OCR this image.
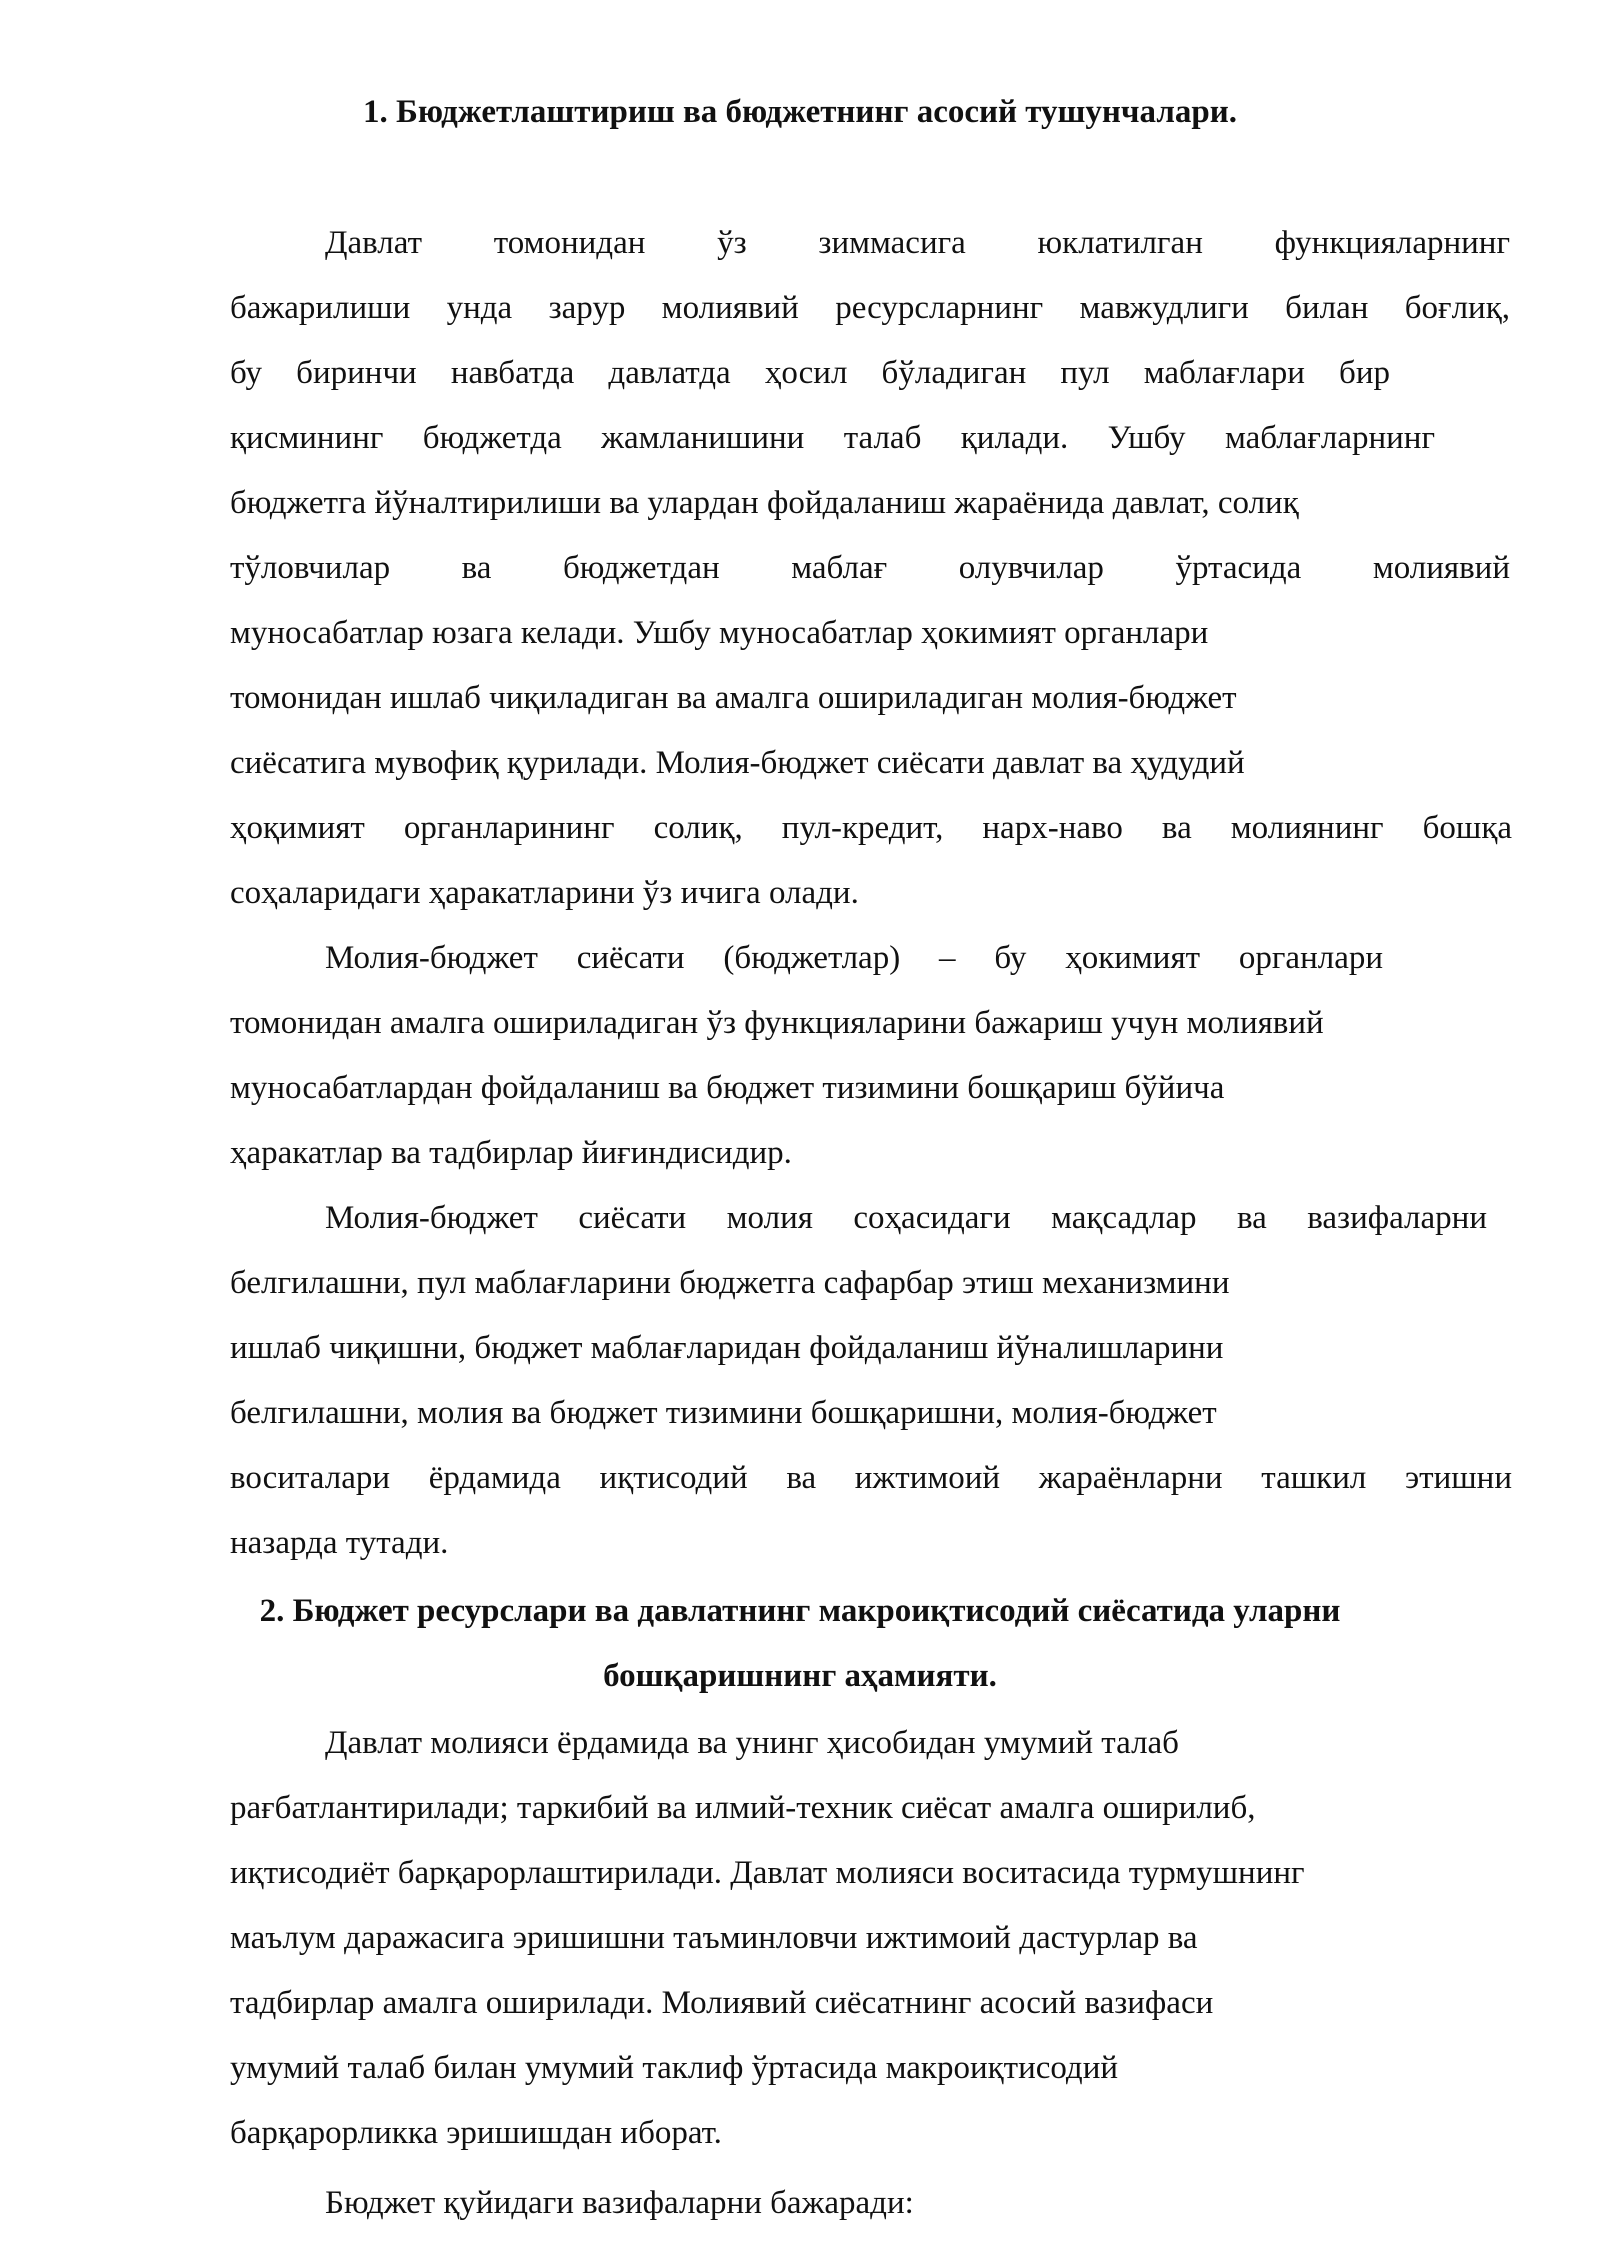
1. Бюджетлаштириш ва бюджетнинг асосий тушунчалари.
Давлат томонидан ўз зиммасига юклатилган функцияларнинг
бажарилиши унда зарур молиявий ресурсларнинг мавжудлиги билан боғлиқ,
бу биринчи навбатда давлатда ҳосил бўладиган пул маблағлари бир
қисмининг бюджетда жамланишини талаб қилади. Ушбу маблағларнинг
бюджетга йўналтирилиши ва улардан фойдаланиш жараёнида давлат, солиқ
тўловчилар ва бюджетдан маблағ олувчилар ўртасида молиявий
муносабатлар юзага келади. Ушбу муносабатлар ҳокимият органлари
томонидан ишлаб чиқиладиган ва амалга ошириладиган молия-бюджет
сиёсатига мувофиқ қурилади. Молия-бюджет сиёсати давлат ва ҳудудий
ҳоқимият органларининг солиқ, пул-кредит, нарх-наво ва молиянинг бошқа
соҳаларидаги ҳаракатларини ўз ичига олади.
Молия-бюджет сиёсати (бюджетлар) – бу ҳокимият органлари
томонидан амалга ошириладиган ўз функцияларини бажариш учун молиявий
муносабатлардан фойдаланиш ва бюджет тизимини бошқариш бўйича
ҳаракатлар ва тадбирлар йиғиндисидир.
Молия-бюджет сиёсати молия соҳасидаги мақсадлар ва вазифаларни
белгилашни, пул маблағларини бюджетга сафарбар этиш механизмини
ишлаб чиқишни, бюджет маблағларидан фойдаланиш йўналишларини
белгилашни, молия ва бюджет тизимини бошқаришни, молия-бюджет
воситалари ёрдамида иқтисодий ва ижтимоий жараёнларни ташкил этишни
назарда тутади.
2. Бюджет ресурслари ва давлатнинг макроиқтисодий сиёсатида уларни
бошқаришнинг аҳамияти.
Давлат молияси ёрдамида ва унинг ҳисобидан умумий талаб
рағбатлантирилади; таркибий ва илмий-техник сиёсат амалга оширилиб,
иқтисодиёт барқарорлаштирилади. Давлат молияси воситасида турмушнинг
маълум даражасига эришишни таъминловчи ижтимоий дастурлар ва
тадбирлар амалга оширилади. Молиявий сиёсатнинг асосий вазифаси
умумий талаб билан умумий таклиф ўртасида макроиқтисодий
барқарорликка эришишдан иборат.
Бюджет қуйидаги вазифаларни бажаради:
